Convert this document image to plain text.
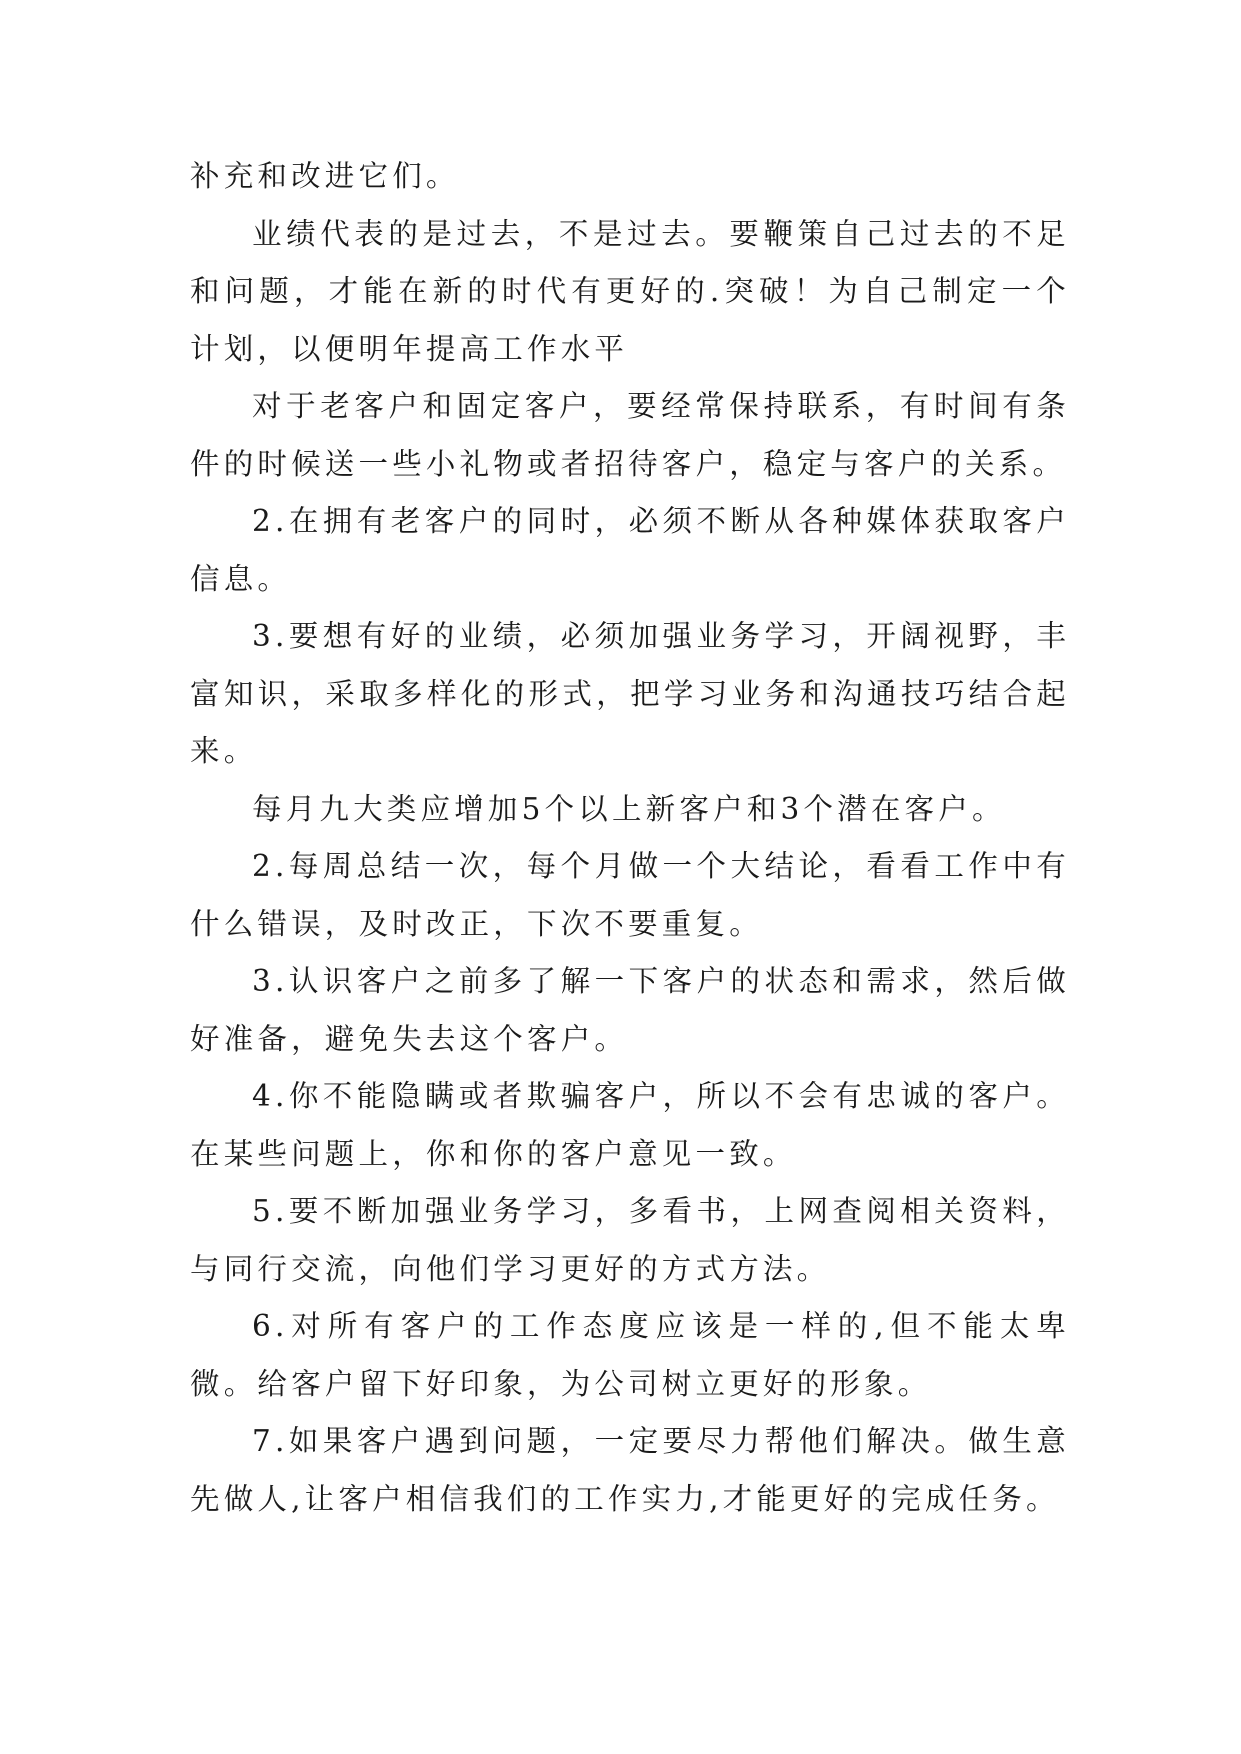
补充和改进它们。

业绩代表的是过去，不是过去。要鞭策自己过去的不足和问题，才能在新的时代有更好的.突破！为自己制定一个计划，以便明年提高工作水平

对于老客户和固定客户，要经常保持联系，有时间有条件的时候送一些小礼物或者招待客户，稳定与客户的关系。

2.在拥有老客户的同时，必须不断从各种媒体获取客户信息。

3.要想有好的业绩，必须加强业务学习，开阔视野，丰富知识，采取多样化的形式，把学习业务和沟通技巧结合起来。

每月九大类应增加5个以上新客户和3个潜在客户。

2.每周总结一次，每个月做一个大结论，看看工作中有什么错误，及时改正，下次不要重复。

3.认识客户之前多了解一下客户的状态和需求，然后做好准备，避免失去这个客户。

4.你不能隐瞒或者欺骗客户，所以不会有忠诚的客户。在某些问题上，你和你的客户意见一致。

5.要不断加强业务学习，多看书，上网查阅相关资料，与同行交流，向他们学习更好的方式方法。

6.对所有客户的工作态度应该是一样的,但不能太卑微。给客户留下好印象，为公司树立更好的形象。

7.如果客户遇到问题，一定要尽力帮他们解决。做生意先做人,让客户相信我们的工作实力,才能更好的完成任务。
